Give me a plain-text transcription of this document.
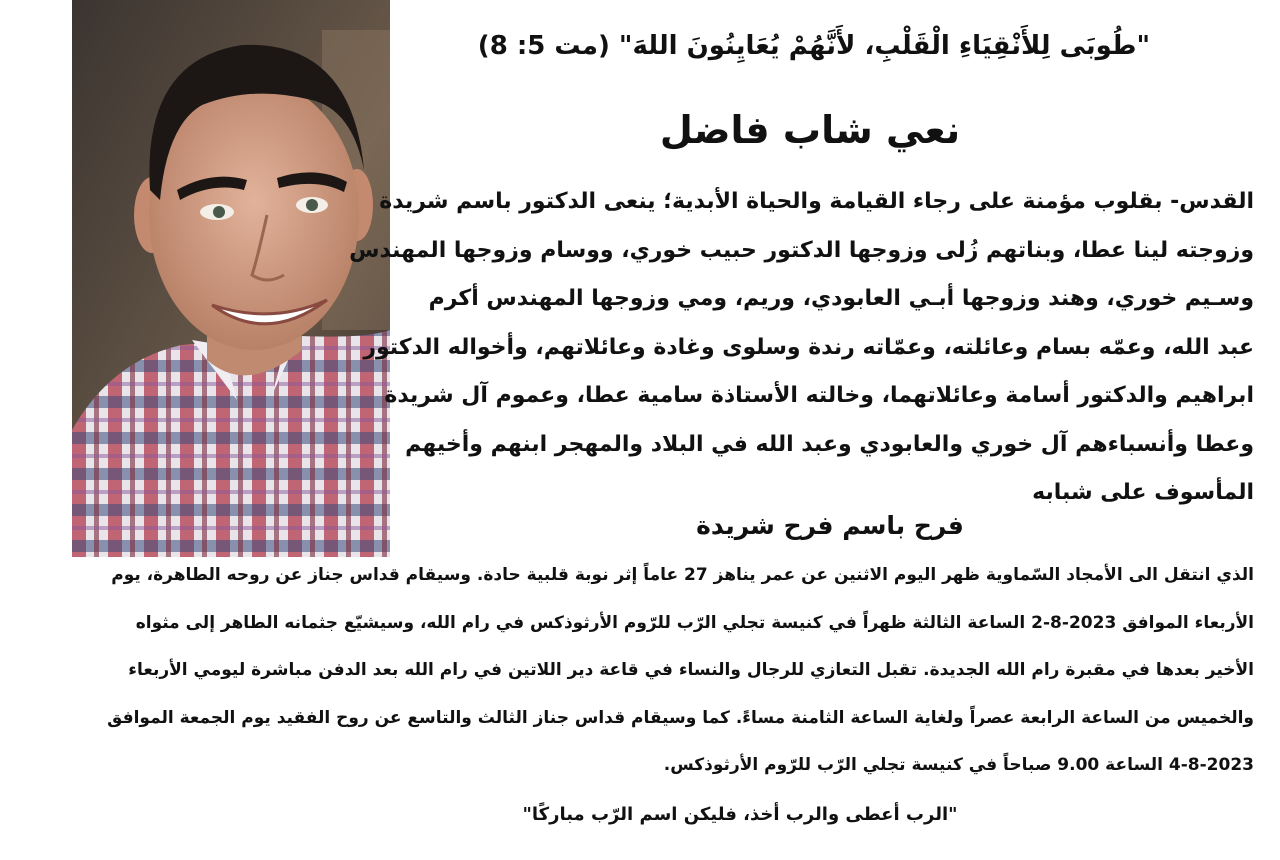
"طُوبَى لِلأَنْقِيَاءِ الْقَلْبِ، لأَنَّهُمْ يُعَايِنُونَ اللهَ" (مت 5: 8)
نعي شاب فاضل
القدس- بقلوب مؤمنة على رجاء القيامة والحياة الأبدية؛ ينعى الدكتور باسم شريدة
وزوجته لينا عطا، وبناتهم زُلى وزوجها الدكتور حبيب خوري، ووسام وزوجها المهندس
وسـيم خوري، وهند وزوجها أبـي العابودي، وريم، ومي وزوجها المهندس أكرم
عبد الله، وعمّه بسام وعائلته، وعمّاته رندة وسلوى وغادة وعائلاتهم، وأخواله الدكتور
ابراهيم والدكتور أسامة وعائلاتهما، وخالته الأستاذة سامية عطا، وعموم آل شريدة
وعطا وأنسباءهم آل خوري والعابودي وعبد الله في البلاد والمهجر ابنهم وأخيهم
المأسوف على شبابه
فرح باسم فرح شريدة
الذي انتقل الى الأمجاد السّماوية ظهر اليوم الاثنين عن عمر يناهز 27 عاماً إثر نوبة قلبية حادة. وسيقام قداس جناز عن روحه الطاهرة، يوم
الأربعاء الموافق 2023-8-2 الساعة الثالثة ظهراً في كنيسة تجلي الرّب للرّوم الأرثوذكس في رام الله، وسيشيّع جثمانه الطاهر إلى مثواه
الأخير بعدها في مقبرة رام الله الجديدة. تقبل التعازي للرجال والنساء في قاعة دير اللاتين في رام الله بعد الدفن مباشرة ليومي الأربعاء
والخميس من الساعة الرابعة عصراً ولغاية الساعة الثامنة مساءً. كما وسيقام قداس جناز الثالث والتاسع عن روح الفقيد يوم الجمعة الموافق
4-8-2023 الساعة 9.00 صباحاً في كنيسة تجلي الرّب للرّوم الأرثوذكس.
"الرب أعطى والرب أخذ، فليكن اسم الرّب مباركًا"
